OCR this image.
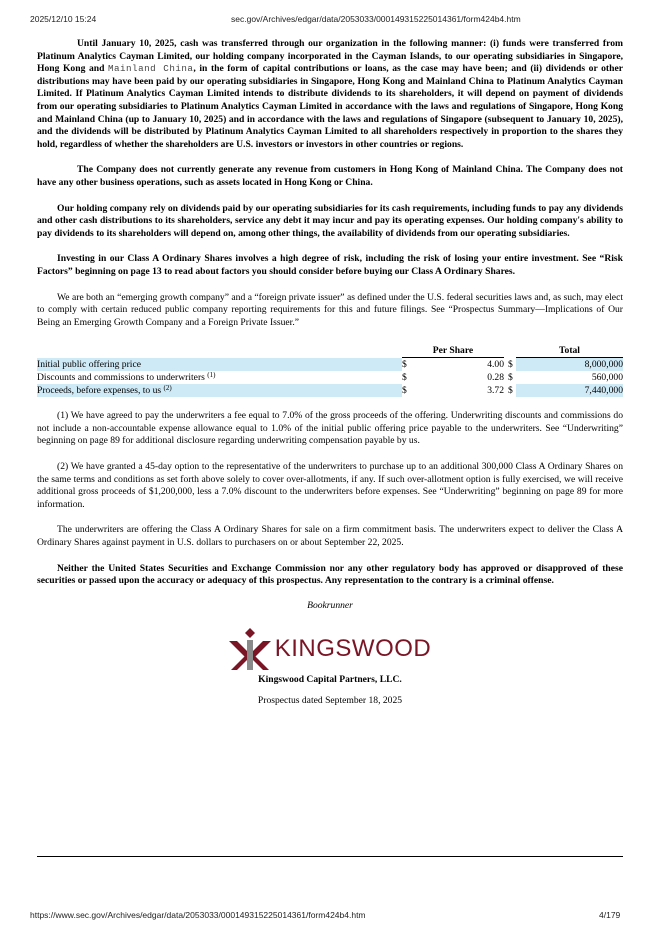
2025/12/10 15:24	sec.gov/Archives/edgar/data/2053033/000149315225014361/form424b4.htm

Until January 10, 2025, cash was transferred through our organization in the following manner: (i) funds were transferred from Platinum Analytics Cayman Limited, our holding company incorporated in the Cayman Islands, to our operating subsidiaries in Singapore, Hong Kong and Mainland China, in the form of capital contributions or loans, as the case may have been; and (ii) dividends or other distributions may have been paid by our operating subsidiaries in Singapore, Hong Kong and Mainland China to Platinum Analytics Cayman Limited. If Platinum Analytics Cayman Limited intends to distribute dividends to its shareholders, it will depend on payment of dividends from our operating subsidiaries to Platinum Analytics Cayman Limited in accordance with the laws and regulations of Singapore, Hong Kong and Mainland China (up to January 10, 2025) and in accordance with the laws and regulations of Singapore (subsequent to January 10, 2025), and the dividends will be distributed by Platinum Analytics Cayman Limited to all shareholders respectively in proportion to the shares they hold, regardless of whether the shareholders are U.S. investors or investors in other countries or regions.

The Company does not currently generate any revenue from customers in Hong Kong of Mainland China. The Company does not have any other business operations, such as assets located in Hong Kong or China.

Our holding company rely on dividends paid by our operating subsidiaries for its cash requirements, including funds to pay any dividends and other cash distributions to its shareholders, service any debt it may incur and pay its operating expenses. Our holding company's ability to pay dividends to its shareholders will depend on, among other things, the availability of dividends from our operating subsidiaries.

Investing in our Class A Ordinary Shares involves a high degree of risk, including the risk of losing your entire investment. See “Risk Factors” beginning on page 13 to read about factors you should consider before buying our Class A Ordinary Shares.

We are both an “emerging growth company” and a “foreign private issuer” as defined under the U.S. federal securities laws and, as such, may elect to comply with certain reduced public company reporting requirements for this and future filings. See “Prospectus Summary—Implications of Our Being an Emerging Growth Company and a Foreign Private Issuer.”

	Per Share			Total	
Initial public offering price	$	4.00	$		8,000,000
Discounts and commissions to underwriters $^{(1)}$	$	0.28	$		560,000
Proceeds, before expenses, to us $^{(2)}$	$	3.72	$		7,440,000

(1) We have agreed to pay the underwriters a fee equal to 7.0% of the gross proceeds of the offering. Underwriting discounts and commissions do not include a non-accountable expense allowance equal to 1.0% of the initial public offering price payable to the underwriters. See “Underwriting” beginning on page 89 for additional disclosure regarding underwriting compensation payable by us.

(2) We have granted a 45-day option to the representative of the underwriters to purchase up to an additional 300,000 Class A Ordinary Shares on the same terms and conditions as set forth above solely to cover over-allotments, if any. If such over-allotment option is fully exercised, we will receive additional gross proceeds of $1,200,000, less a 7.0% discount to the underwriters before expenses. See “Underwriting” beginning on page 89 for more information.

The underwriters are offering the Class A Ordinary Shares for sale on a firm commitment basis. The underwriters expect to deliver the Class A Ordinary Shares against payment in U.S. dollars to purchasers on or about September 22, 2025.

Neither the United States Securities and Exchange Commission nor any other regulatory body has approved or disapproved of these securities or passed upon the accuracy or adequacy of this prospectus. Any representation to the contrary is a criminal offense.

Bookrunner

KINGSWOOD

Kingswood Capital Partners, LLC.

Prospectus dated September 18, 2025

https://www.sec.gov/Archives/edgar/data/2053033/000149315225014361/form424b4.htm	4/179
